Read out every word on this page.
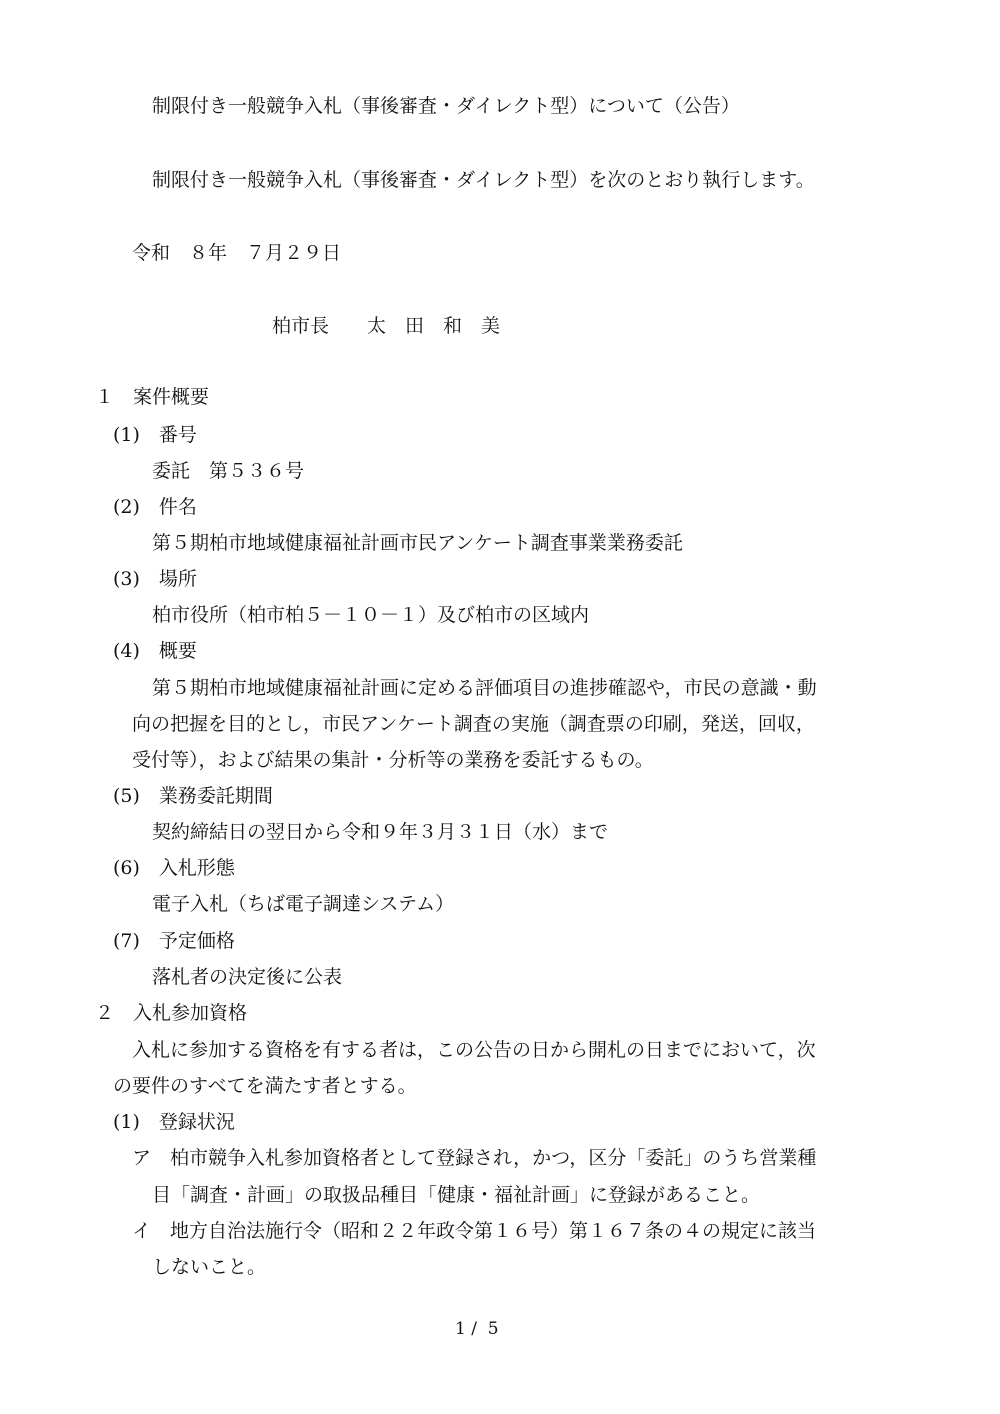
制限付き一般競争入札（事後審査・ダイレクト型）について（公告）
制限付き一般競争入札（事後審査・ダイレクト型）を次のとおり執行します。
令和　８年　７月２９日
柏市長　　太　田　和　美
１　案件概要
(1)　番号
委託　第５３６号
(2)　件名
第５期柏市地域健康福祉計画市民アンケート調査事業業務委託
(3)　場所
柏市役所（柏市柏５－１０－１）及び柏市の区域内
(4)　概要
第５期柏市地域健康福祉計画に定める評価項目の進捗確認や，市民の意識・動
向の把握を目的とし，市民アンケート調査の実施（調査票の印刷，発送，回収，
受付等），および結果の集計・分析等の業務を委託するもの。
(5)　業務委託期間
契約締結日の翌日から令和９年３月３１日（水）まで
(6)　入札形態
電子入札（ちば電子調達システム）
(7)　予定価格
落札者の決定後に公表
２　入札参加資格
入札に参加する資格を有する者は，この公告の日から開札の日までにおいて，次
の要件のすべてを満たす者とする。
(1)　登録状況
ア　柏市競争入札参加資格者として登録され，かつ，区分「委託」のうち営業種
目「調査・計画」の取扱品種目「健康・福祉計画」に登録があること。
イ　地方自治法施行令（昭和２２年政令第１６号）第１６７条の４の規定に該当
しないこと。
1 /  5
